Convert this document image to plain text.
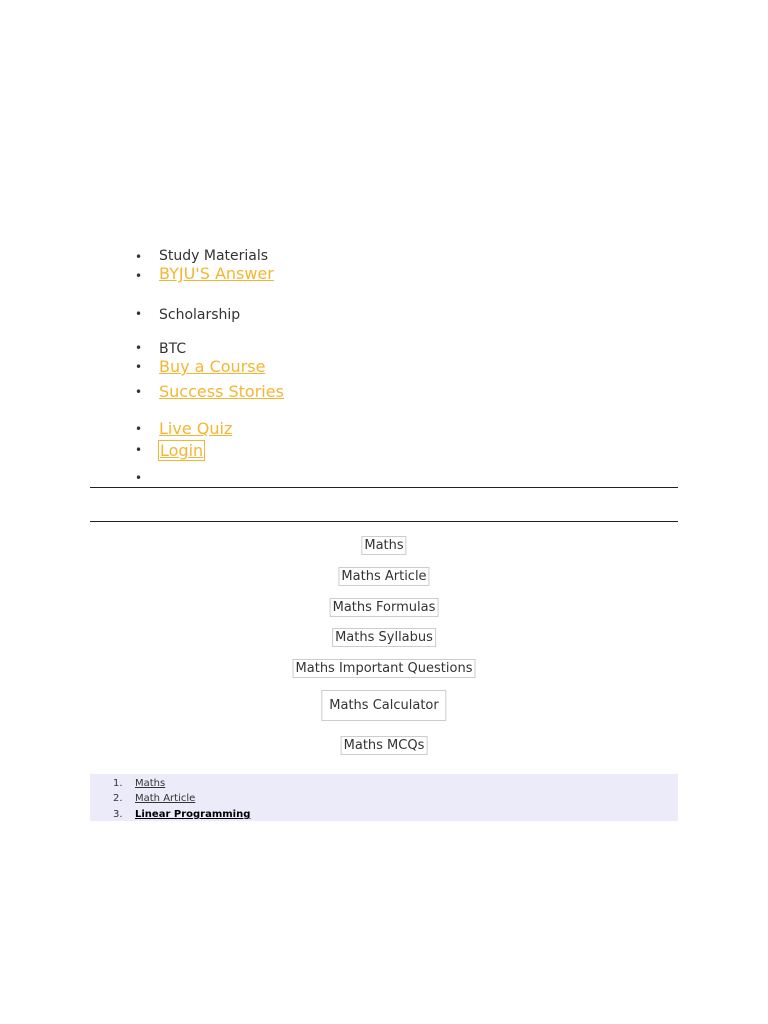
• Study Materials
• BYJU'S Answer
• Scholarship
• BTC
• Buy a Course
• Success Stories
• Live Quiz
• Login
•
Maths
Maths Article
Maths Formulas
Maths Syllabus
Maths Important Questions
Maths Calculator
Maths MCQs
1. Maths
2. Math Article
3. Linear Programming
